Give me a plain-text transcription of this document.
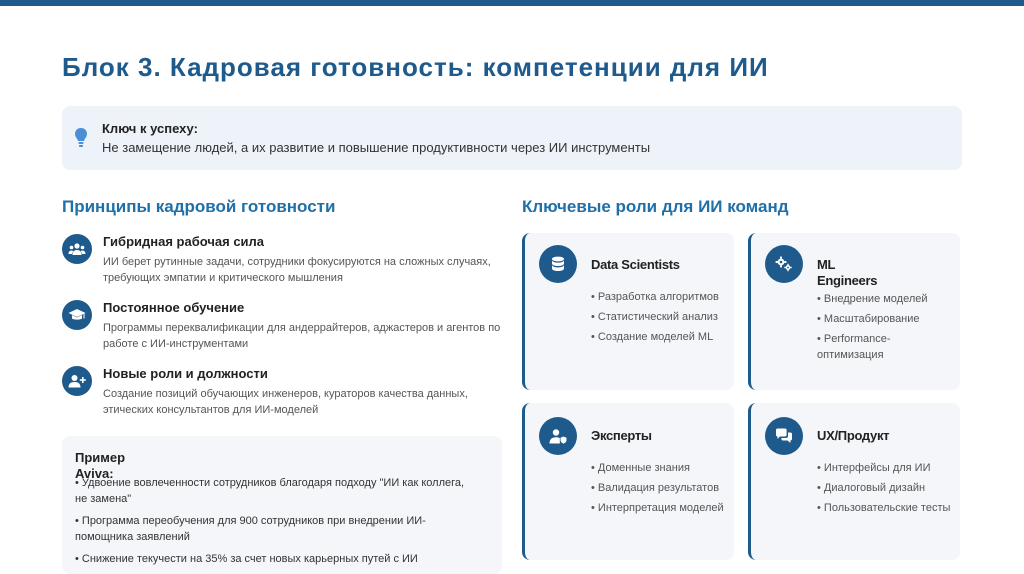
Блок 3. Кадровая готовность: компетенции для ИИ
Ключ к успеху:
Не замещение людей, а их развитие и повышение продуктивности через ИИ инструменты
Принципы кадровой готовности
Гибридная рабочая сила
ИИ берет рутинные задачи, сотрудники фокусируются на сложных случаях, требующих эмпатии и критического мышления
Постоянное обучение
Программы переквалификации для андеррайтеров, аджастеров и агентов по работе с ИИ-инструментами
Новые роли и должности
Создание позиций обучающих инженеров, кураторов качества данных, этических консультантов для ИИ-моделей
Пример Aviva:
• Удвоение вовлеченности сотрудников благодаря подходу "ИИ как коллега, не замена"
• Программа переобучения для 900 сотрудников при внедрении ИИ-помощника заявлений
• Снижение текучести на 35% за счет новых карьерных путей с ИИ
Ключевые роли для ИИ команд
Data Scientists
• Разработка алгоритмов
• Статистический анализ
• Создание моделей ML
ML Engineers
• Внедрение моделей
• Масштабирование
• Performance-оптимизация
Эксперты
• Доменные знания
• Валидация результатов
• Интерпретация моделей
UX/Продукт
• Интерфейсы для ИИ
• Диалоговый дизайн
• Пользовательские тесты
